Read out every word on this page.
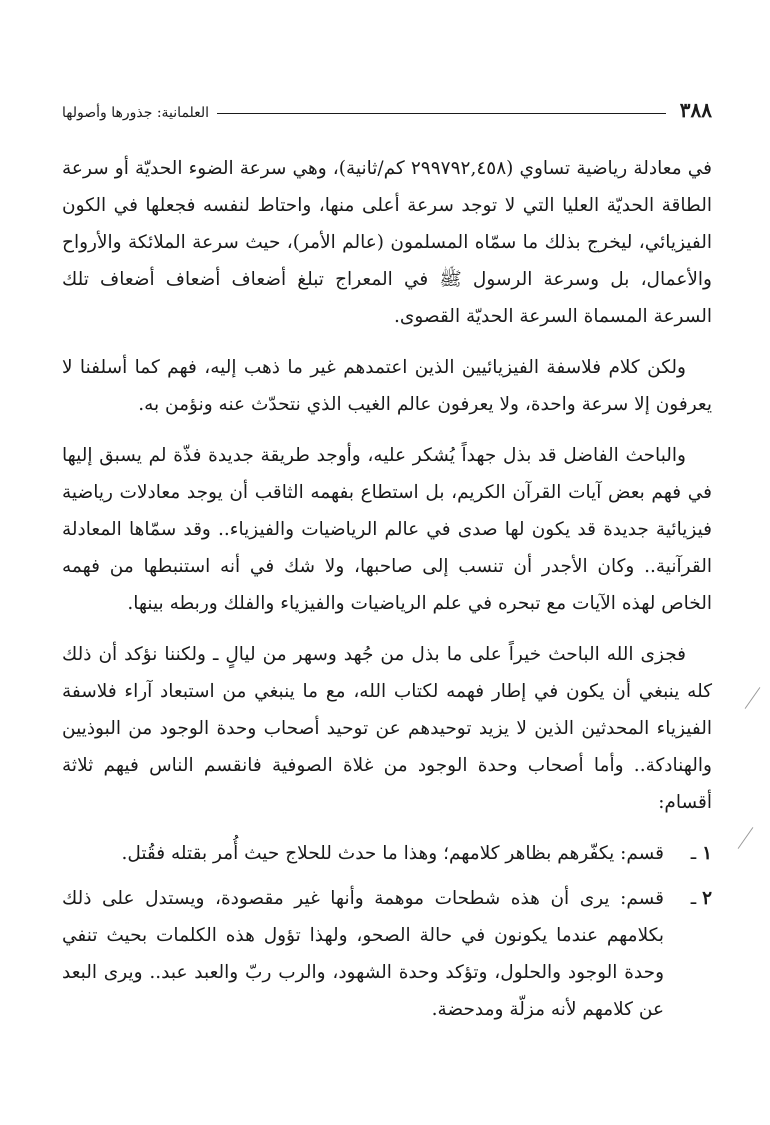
٣٨٨
العلمانية: جذورها وأصولها

في معادلة رياضية تساوي (٢٩٩٧٩٢,٤٥٨ كم/ثانية)، وهي سرعة الضوء الحديّة أو سرعة الطاقة الحديّة العليا التي لا توجد سرعة أعلى منها، واحتاط لنفسه فجعلها في الكون الفيزيائي، ليخرج بذلك ما سمّاه المسلمون (عالم الأمر)، حيث سرعة الملائكة والأرواح والأعمال، بل وسرعة الرسول ﷺ في المعراج تبلغ أضعاف أضعاف أضعاف تلك السرعة المسماة السرعة الحديّة القصوى.

ولكن كلام فلاسفة الفيزيائيين الذين اعتمدهم غير ما ذهب إليه، فهم كما أسلفنا لا يعرفون إلا سرعة واحدة، ولا يعرفون عالم الغيب الذي نتحدّث عنه ونؤمن به.

والباحث الفاضل قد بذل جهداً يُشكر عليه، وأوجد طريقة جديدة فذّة لم يسبق إليها في فهم بعض آيات القرآن الكريم، بل استطاع بفهمه الثاقب أن يوجد معادلات رياضية فيزيائية جديدة قد يكون لها صدى في عالم الرياضيات والفيزياء.. وقد سمّاها المعادلة القرآنية.. وكان الأجدر أن تنسب إلى صاحبها، ولا شك في أنه استنبطها من فهمه الخاص لهذه الآيات مع تبحره في علم الرياضيات والفيزياء والفلك وربطه بينها.

فجزى الله الباحث خيراً على ما بذل من جُهد وسهر من ليالٍ ـ ولكننا نؤكد أن ذلك كله ينبغي أن يكون في إطار فهمه لكتاب الله، مع ما ينبغي من استبعاد آراء فلاسفة الفيزياء المحدثين الذين لا يزيد توحيدهم عن توحيد أصحاب وحدة الوجود من البوذيين والهنادكة.. وأما أصحاب وحدة الوجود من غلاة الصوفية فانقسم الناس فيهم ثلاثة أقسام:

١ ـ
قسم: يكفّرهم بظاهر كلامهم؛ وهذا ما حدث للحلاج حيث أُمر بقتله فقُتل.
٢ ـ
قسم: يرى أن هذه شطحات موهمة وأنها غير مقصودة، ويستدل على ذلك بكلامهم عندما يكونون في حالة الصحو، ولهذا تؤول هذه الكلمات بحيث تنفي وحدة الوجود والحلول، وتؤكد وحدة الشهود، والرب ربّ والعبد عبد.. ويرى البعد عن كلامهم لأنه مزلّة ومدحضة.
